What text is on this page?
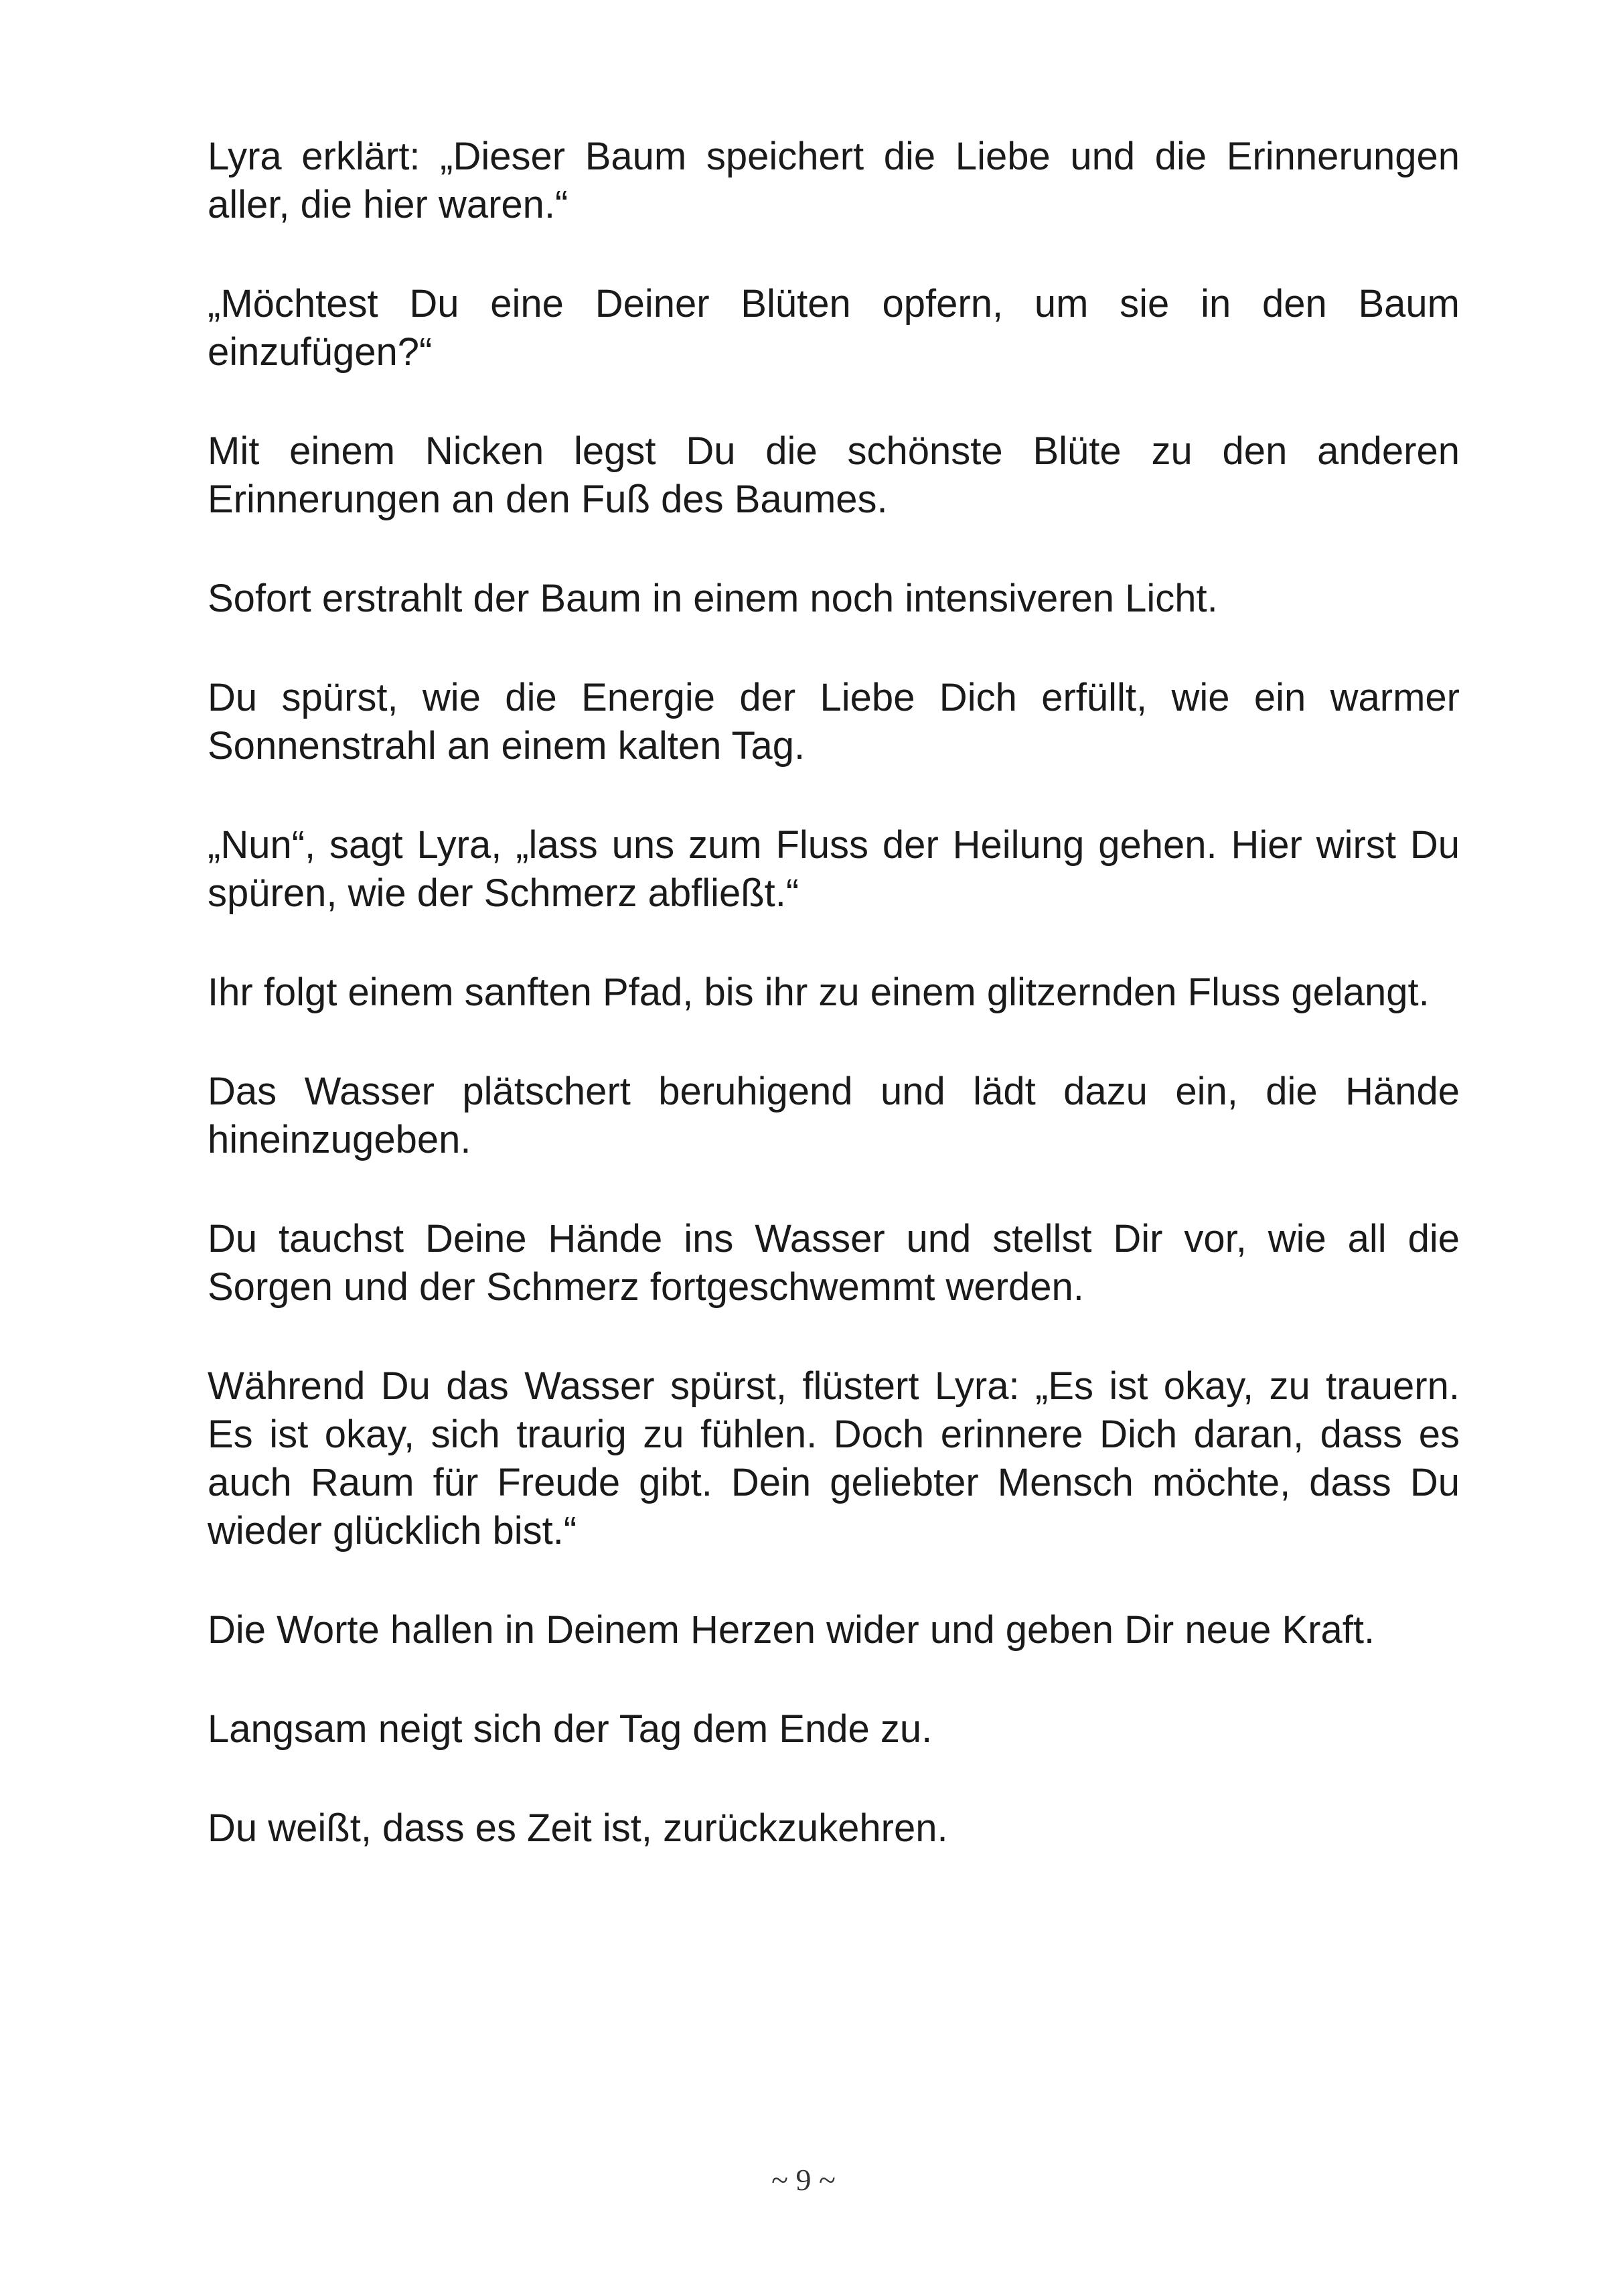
Lyra erklärt: „Dieser Baum speichert die Liebe und die Erinnerungen aller, die hier waren.“

„Möchtest Du eine Deiner Blüten opfern, um sie in den Baum einzufügen?“

Mit einem Nicken legst Du die schönste Blüte zu den anderen Erinnerungen an den Fuß des Baumes.

Sofort erstrahlt der Baum in einem noch intensiveren Licht.

Du spürst, wie die Energie der Liebe Dich erfüllt, wie ein warmer Sonnenstrahl an einem kalten Tag.

„Nun“, sagt Lyra, „lass uns zum Fluss der Heilung gehen. Hier wirst Du spüren, wie der Schmerz abfließt.“

Ihr folgt einem sanften Pfad, bis ihr zu einem glitzernden Fluss gelangt.

Das Wasser plätschert beruhigend und lädt dazu ein, die Hände hineinzugeben.

Du tauchst Deine Hände ins Wasser und stellst Dir vor, wie all die Sorgen und der Schmerz fortgeschwemmt werden.

Während Du das Wasser spürst, flüstert Lyra: „Es ist okay, zu trauern. Es ist okay, sich traurig zu fühlen. Doch erinnere Dich daran, dass es auch Raum für Freude gibt. Dein geliebter Mensch möchte, dass Du wieder glücklich bist.“

Die Worte hallen in Deinem Herzen wider und geben Dir neue Kraft.

Langsam neigt sich der Tag dem Ende zu.

Du weißt, dass es Zeit ist, zurückzukehren.

~ 9 ~
